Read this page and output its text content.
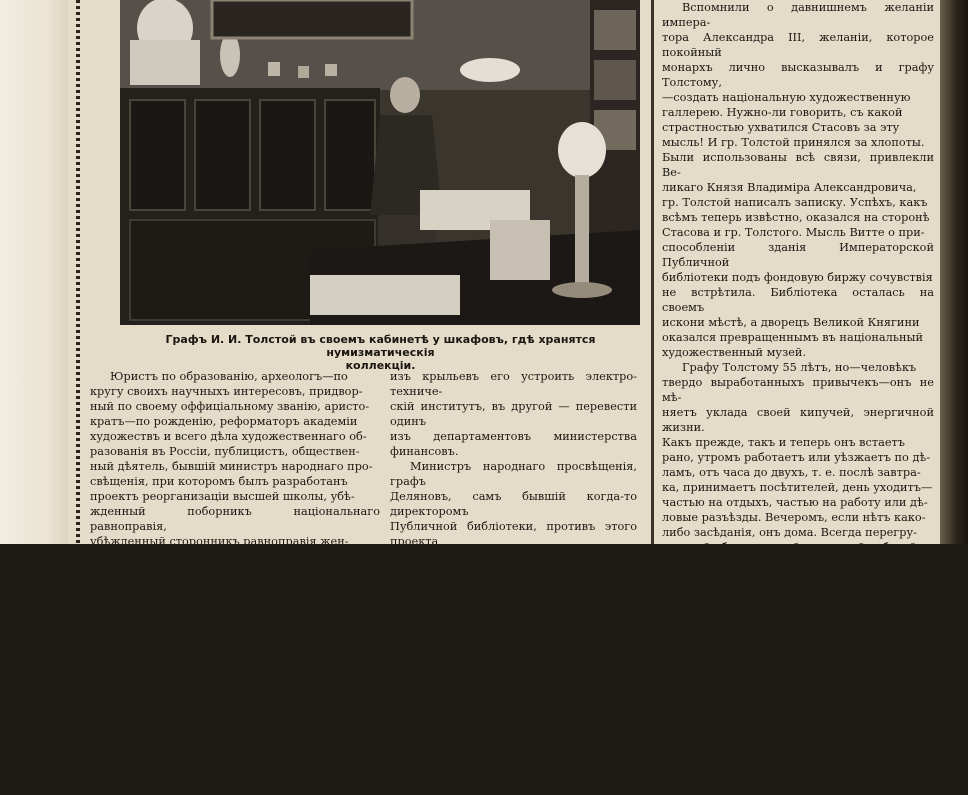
Графъ И. И. Толстой въ своемъ кабинетѣ у шкафовъ, гдѣ хранятся нумизматическія
коллекціи.

Юристъ по образованію, археологъ—по

кругу своихъ научныхъ интересовъ, придвор-

ный по своему оффиціальному званію, аристо-

кратъ—по рожденію, реформаторъ академіи

художествъ и всего дѣла художественнаго об-

разованія въ Россіи, публицистъ, обществен-

ный дѣятель, бывшій министръ народнаго про-

свѣщенія, при которомъ былъ разработанъ

проектъ реорганизаціи высшей школы, убѣ-

жденный поборникъ національнаго равноправія,

убѣжденный сторонникъ равноправія жен-

щинъ—новый городской голова Петербурга

представляетъ собою выдающагося русскаго

изъ крыльевъ его устроить электро-техниче-

скій институтъ, въ другой — перевести одинъ

изъ департаментовъ министерства финансовъ.

Министръ народнаго просвѣщенія, графъ

Деляновъ, самъ бывшій когда-то директоромъ

Публичной библіотеки, противъ этого проекта

не возражалъ; молчалъ и тогдашній директоръ

—академикъ Бычковъ. Словомъ, проектъ Вит-

те былъ, повидимому, наканунѣ осуществле-

нія. Но взволновался В. В. Стасовъ. Онъ

пріѣхалъ къ своему давнишнему другу, графу

Ив. Ив. Толстому, и они вдвоемъ рѣшили вся-

чески бороться противъ этого проекта. Пере-

Вспомнили о давнишнемъ желаніи импера-

тора Александра III, желаніи, которое покойный

монархъ лично высказывалъ и графу Толстому,

—создать національную художественную

галлерею. Нужно-ли говорить, съ какой

страстностью ухватился Стасовъ за эту

мысль! И гр. Толстой принялся за хлопоты.

Были использованы всѣ связи, привлекли Ве-

ликаго Князя Владиміра Александровича,

гр. Толстой написалъ записку. Успѣхъ, какъ

всѣмъ теперь извѣстно, оказался на сторонѣ

Стасова и гр. Толстого. Мысль Витте о при-

способленіи зданія Императорской Публичной

библіотеки подъ фондовую биржу сочувствія

не встрѣтила. Библіотека осталась на своемъ

искони мѣстѣ, а дворецъ Великой Княгини

оказался превращеннымъ въ національный

художественный музей.

Графу Толстому 55 лѣтъ, но—человѣкъ

твердо выработанныхъ привычекъ—онъ не мѣ-

няетъ уклада своей кипучей, энергичной жизни.

Какъ прежде, такъ и теперь онъ встаетъ

рано, утромъ работаетъ или уѣзжаетъ по дѣ-

ламъ, отъ часа до двухъ, т. е. послѣ завтра-

ка, принимаетъ посѣтителей, день уходитъ—

частью на отдыхъ, частью на работу или дѣ-

ловые разъѣзды. Вечеромъ, если нѣтъ како-

либо засѣданія, онъ дома. Всегда перегру-

женный общественной и научной работой,

гр. Толстой ведетъ чрезвычайно замкнутый

образъ жизни: самъ бываетъ только у очень

ограниченнаго круга друзей, никакихъ прі-

мовъ не устраиваетъ и устраивать не любитъ.

Посѣтители... Среди нихъ немало бывшихъ

учениковъ академіи художествъ, сохранив-

шихъ съ графомъ самыя лучшія отношенія.

При гр. Толстомъ, въ бытность его вице-президент

томъ въ академіи, были, какъ извѣстно, реор-

ганизованы, какъ эта послѣдняя, такъ и выс-

шее художественное училище при ней.

При многообразіи и обиліи работы у графа
